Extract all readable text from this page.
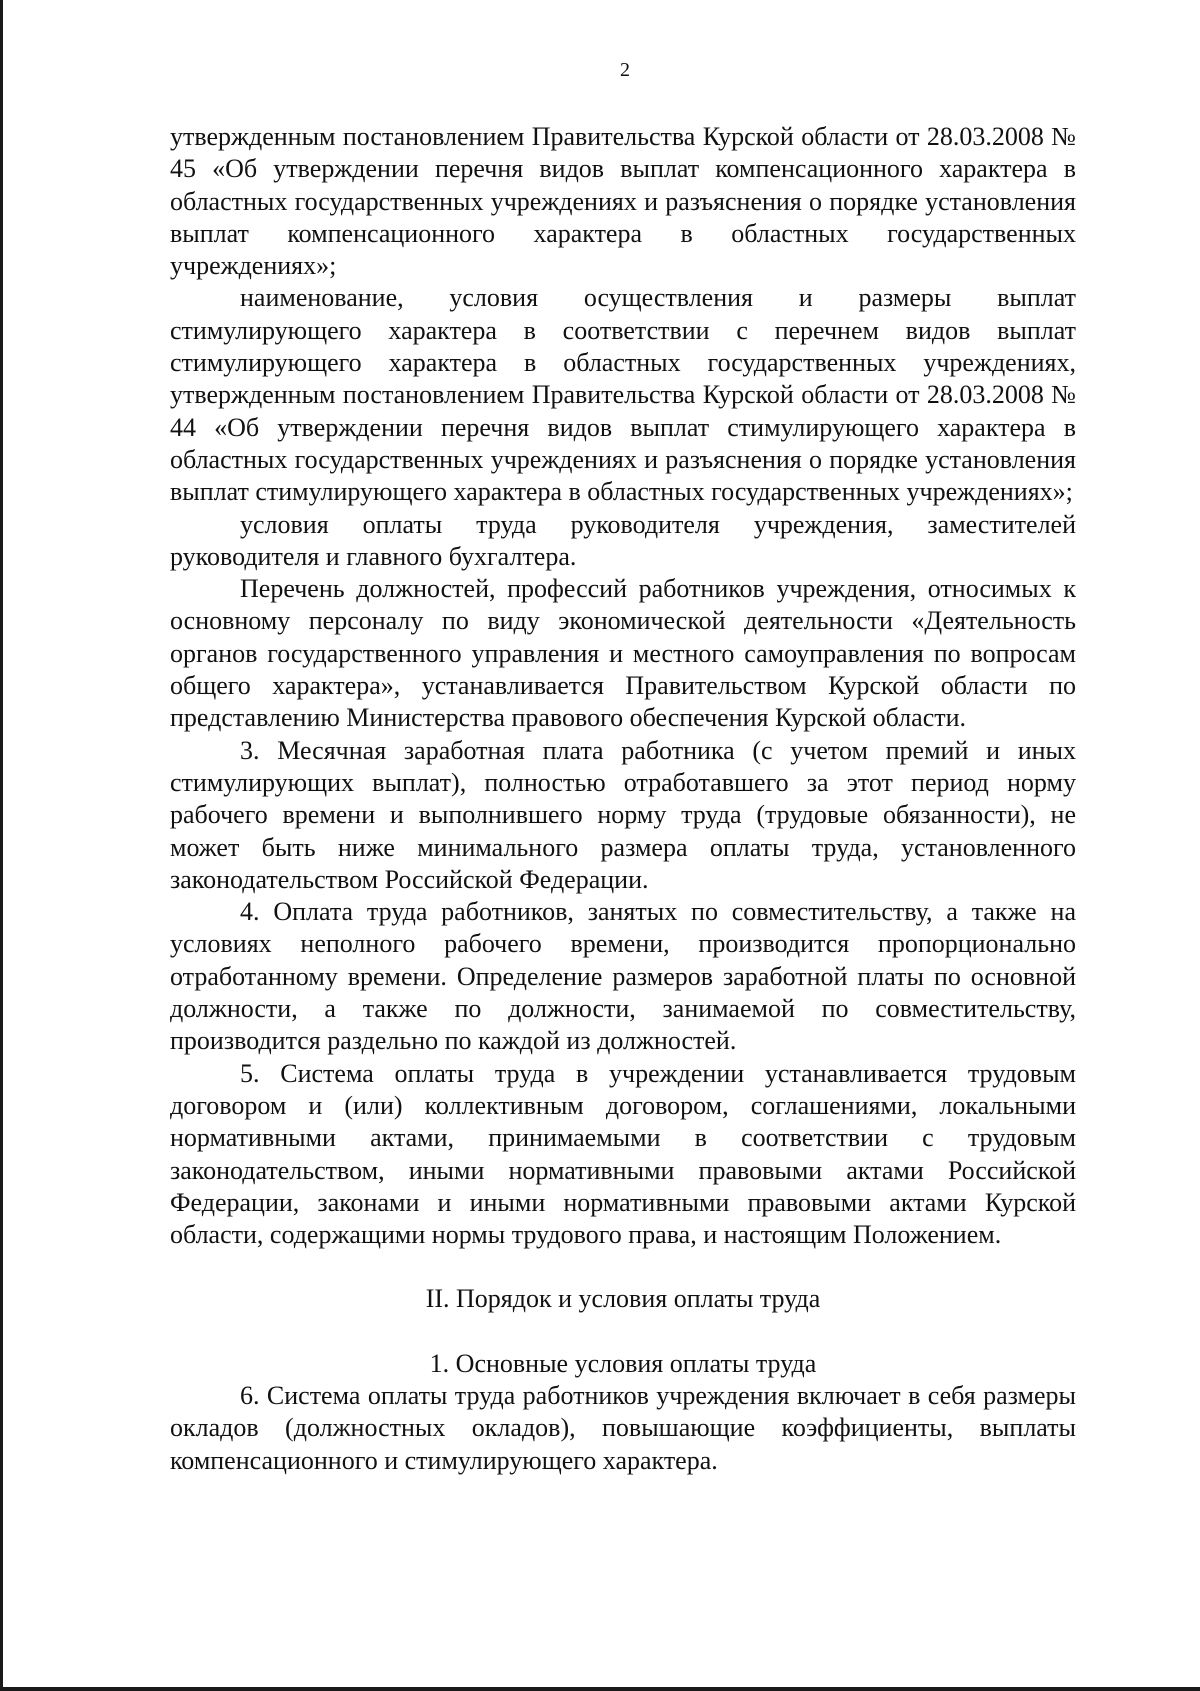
2

утвержденным постановлением Правительства Курской области от 28.03.2008 № 45 «Об утверждении перечня видов выплат компенсационного характера в областных государственных учреждениях и разъяснения о порядке установления выплат компенсационного характера в областных государственных учреждениях»;

наименование, условия осуществления и размеры выплат стимулирующего характера в соответствии с перечнем видов выплат стимулирующего характера в областных государственных учреждениях, утвержденным постановлением Правительства Курской области от 28.03.2008 № 44 «Об утверждении перечня видов выплат стимулирующего характера в областных государственных учреждениях и разъяснения о порядке установления выплат стимулирующего характера в областных государственных учреждениях»;

условия оплаты труда руководителя учреждения, заместителей руководителя и главного бухгалтера.

Перечень должностей, профессий работников учреждения, относимых к основному персоналу по виду экономической деятельности «Деятельность органов государственного управления и местного самоуправления по вопросам общего характера», устанавливается Правительством Курской области по представлению Министерства правового обеспечения Курской области.

3. Месячная заработная плата работника (с учетом премий и иных стимулирующих выплат), полностью отработавшего за этот период норму рабочего времени и выполнившего норму труда (трудовые обязанности), не может быть ниже минимального размера оплаты труда, установленного законодательством Российской Федерации.

4. Оплата труда работников, занятых по совместительству, а также на условиях неполного рабочего времени, производится пропорционально отработанному времени. Определение размеров заработной платы по основной должности, а также по должности, занимаемой по совместительству, производится раздельно по каждой из должностей.

5. Система оплаты труда в учреждении устанавливается трудовым договором и (или) коллективным договором, соглашениями, локальными нормативными актами, принимаемыми в соответствии с трудовым законодательством, иными нормативными правовыми актами Российской Федерации, законами и иными нормативными правовыми актами Курской области, содержащими нормы трудового права, и настоящим Положением.

II. Порядок и условия оплаты труда

1. Основные условия оплаты труда

6. Система оплаты труда работников учреждения включает в себя размеры окладов (должностных окладов), повышающие коэффициенты, выплаты компенсационного и стимулирующего характера.
